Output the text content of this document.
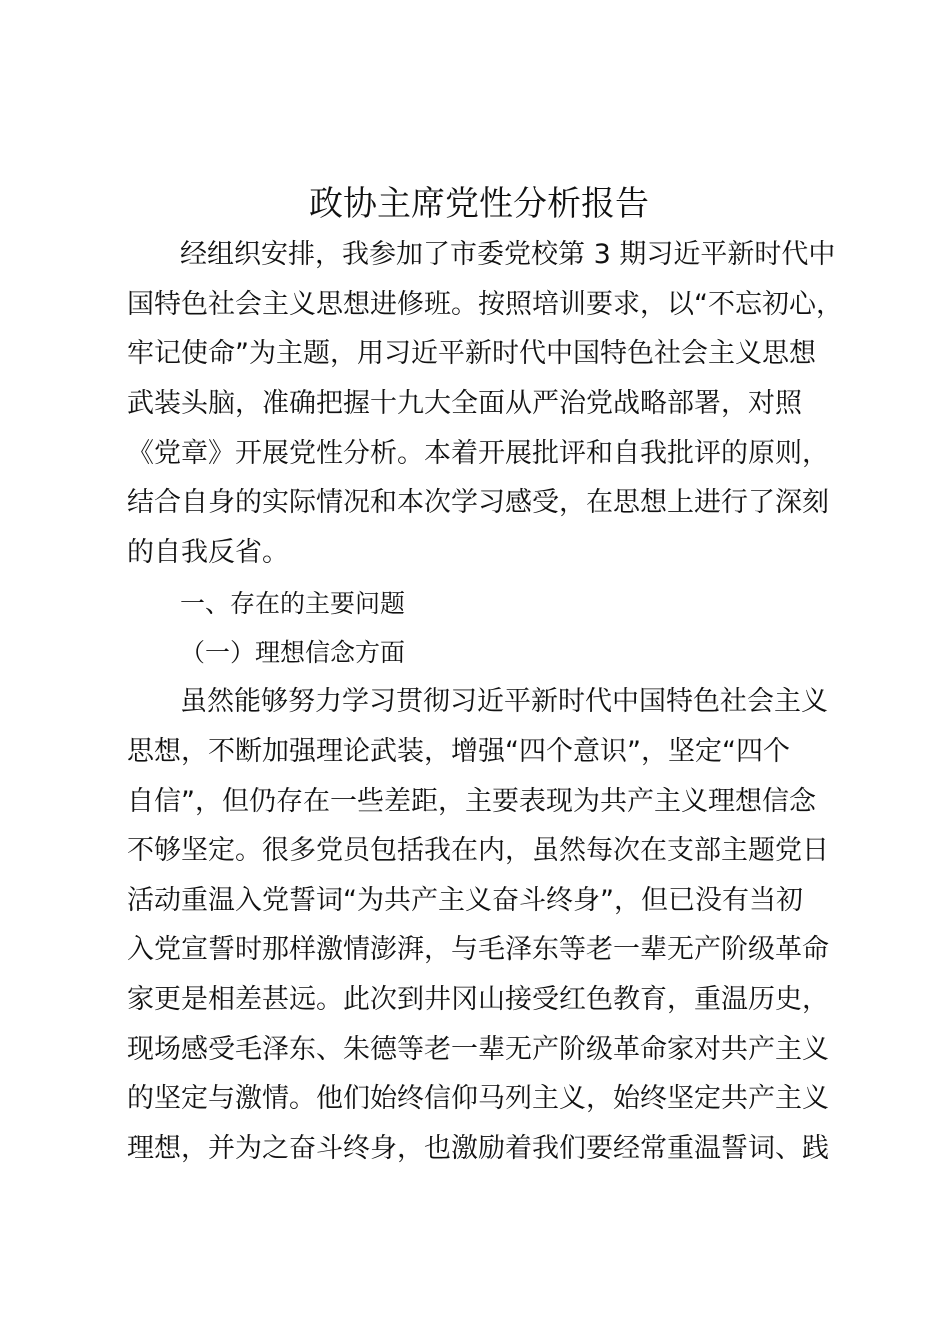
政协主席党性分析报告
经组织安排，我参加了市委党校第 3 期习近平新时代中
国特色社会主义思想进修班。按照培训要求，以“不忘初心，
牢记使命”为主题，用习近平新时代中国特色社会主义思想
武装头脑，准确把握十九大全面从严治党战略部署，对照
《党章》开展党性分析。本着开展批评和自我批评的原则，
结合自身的实际情况和本次学习感受，在思想上进行了深刻
的自我反省。
一、存在的主要问题
（一）理想信念方面
虽然能够努力学习贯彻习近平新时代中国特色社会主义
思想，不断加强理论武装，增强“四个意识”，坚定“四个
自信”，但仍存在一些差距，主要表现为共产主义理想信念
不够坚定。很多党员包括我在内，虽然每次在支部主题党日
活动重温入党誓词“为共产主义奋斗终身”，但已没有当初
入党宣誓时那样激情澎湃，与毛泽东等老一辈无产阶级革命
家更是相差甚远。此次到井冈山接受红色教育，重温历史，
现场感受毛泽东、朱德等老一辈无产阶级革命家对共产主义
的坚定与激情。他们始终信仰马列主义，始终坚定共产主义
理想，并为之奋斗终身，也激励着我们要经常重温誓词、践
